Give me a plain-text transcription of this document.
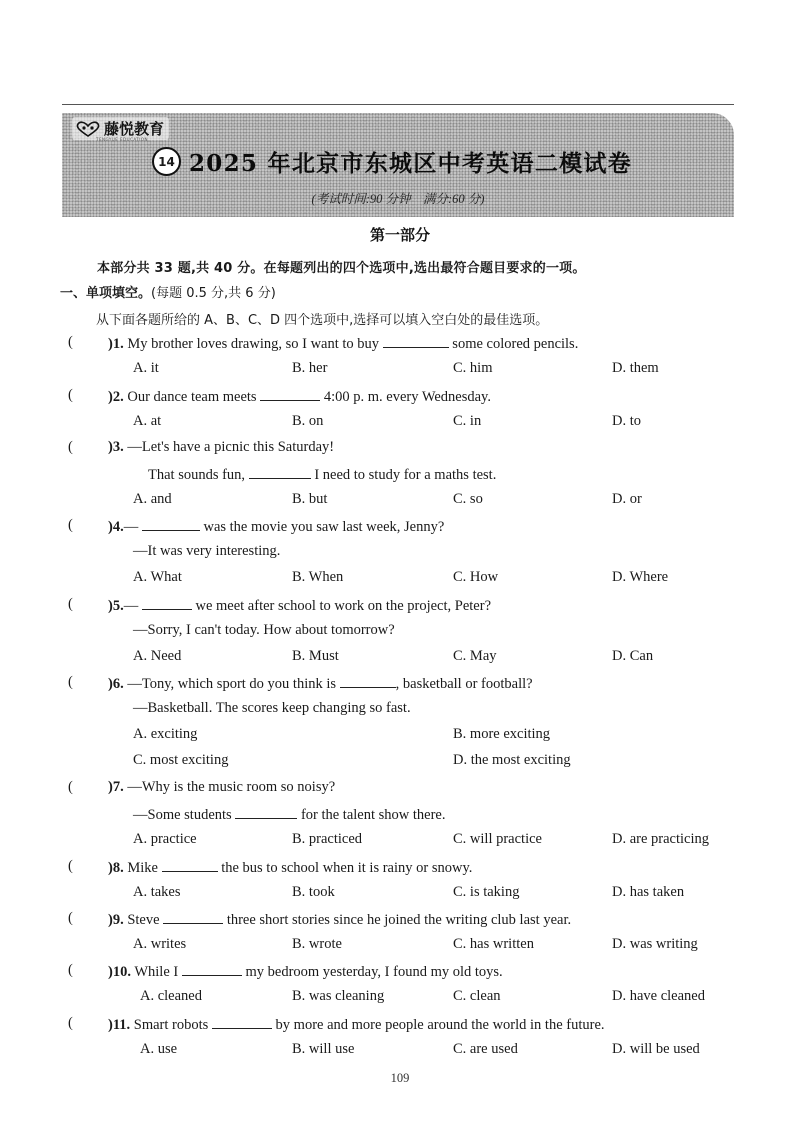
藤悦教育
TENGYUE EDUCATION
14 2025 年北京市东城区中考英语二模试卷
(考试时间:90 分钟　满分:60 分)
第一部分
本部分共 33 题,共 40 分。在每题列出的四个选项中,选出最符合题目要求的一项。
一、单项填空。(每题 0.5 分,共 6 分)
从下面各题所给的 A、B、C、D 四个选项中,选择可以填入空白处的最佳选项。
( )1. My brother loves drawing, so I want to buy	some colored pencils.
A. it	B. her	C. him	D. them
( )2. Our dance team meets	4:00 p. m. every Wednesday.
A. at	B. on	C. in	D. to
( )3. —Let's have a picnic this Saturday!
That sounds fun,	I need to study for a maths test.
A. and	B. but	C. so	D. or
( )4.—	was the movie you saw last week, Jenny?
—It was very interesting.
A. What	B. When	C. How	D. Where
( )5.—	we meet after school to work on the project, Peter?
—Sorry, I can't today. How about tomorrow?
A. Need	B. Must	C. May	D. Can
( )6. —Tony, which sport do you think is	, basketball or football?
—Basketball. The scores keep changing so fast.
A. exciting	B. more exciting
C. most exciting	D. the most exciting
( )7. —Why is the music room so noisy?
—Some students	for the talent show there.
A. practice	B. practiced	C. will practice	D. are practicing
( )8. Mike	the bus to school when it is rainy or snowy.
A. takes	B. took	C. is taking	D. has taken
( )9. Steve	three short stories since he joined the writing club last year.
A. writes	B. wrote	C. has written	D. was writing
( )10. While I	my bedroom yesterday, I found my old toys.
A. cleaned	B. was cleaning	C. clean	D. have cleaned
( )11. Smart robots	by more and more people around the world in the future.
A. use	B. will use	C. are used	D. will be used
109
